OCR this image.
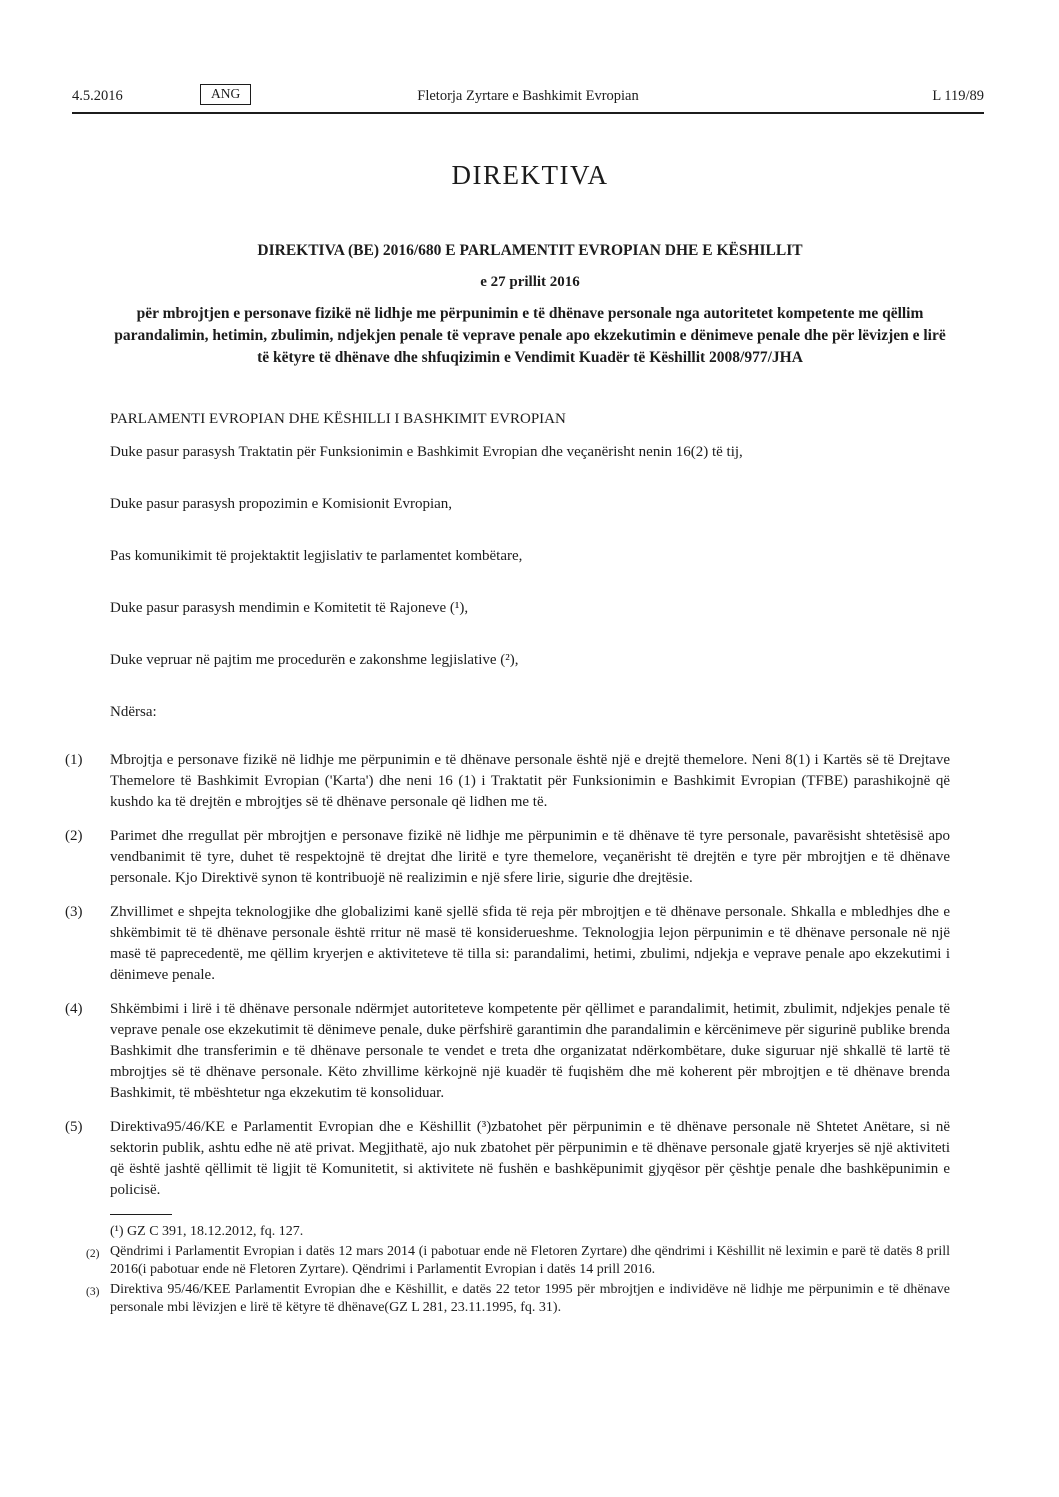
4.5.2016	ANG	Fletorja Zyrtare e Bashkimit Evropian	L 119/89
DIREKTIVA
DIREKTIVA (BE) 2016/680 E PARLAMENTIT EVROPIAN DHE E KËSHILLIT
e 27 prillit 2016
për mbrojtjen e personave fizikë në lidhje me përpunimin e të dhënave personale nga autoritetet kompetente me qëllim parandalimin, hetimin, zbulimin, ndjekjen penale të veprave penale apo ekzekutimin e dënimeve penale dhe për lëvizjen e lirë të këtyre të dhënave dhe shfuqizimin e Vendimit Kuadër të Këshillit 2008/977/JHA

PARLAMENTI EVROPIAN DHE KËSHILLI I BASHKIMIT EVROPIAN

Duke pasur parasysh Traktatin për Funksionimin e Bashkimit Evropian dhe veçanërisht nenin 16(2) të tij,

Duke pasur parasysh propozimin e Komisionit Evropian,

Pas komunikimit të projektaktit legjislativ te parlamentet kombëtare,

Duke pasur parasysh mendimin e Komitetit të Rajoneve (¹),

Duke vepruar në pajtim me procedurën e zakonshme legjislative (²),

Ndërsa:

(1) Mbrojtja e personave fizikë në lidhje me përpunimin e të dhënave personale është një e drejtë themelore. Neni 8(1) i Kartës së të Drejtave Themelore të Bashkimit Evropian ('Karta') dhe neni 16 (1) i Traktatit për Funksionimin e Bashkimit Evropian (TFBE) parashikojnë që kushdo ka të drejtën e mbrojtjes së të dhënave personale që lidhen me të.

(2) Parimet dhe rregullat për mbrojtjen e personave fizikë në lidhje me përpunimin e të dhënave të tyre personale, pavarësisht shtetësisë apo vendbanimit të tyre, duhet të respektojnë të drejtat dhe liritë e tyre themelore, veçanërisht të drejtën e tyre për mbrojtjen e të dhënave personale. Kjo Direktivë synon të kontribuojë në realizimin e një sfere lirie, sigurie dhe drejtësie.

(3) Zhvillimet e shpejta teknologjike dhe globalizimi kanë sjellë sfida të reja për mbrojtjen e të dhënave personale. Shkalla e mbledhjes dhe e shkëmbimit të të dhënave personale është rritur në masë të konsiderueshme. Teknologjia lejon përpunimin e të dhënave personale në një masë të paprecedentë, me qëllim kryerjen e aktiviteteve të tilla si: parandalimi, hetimi, zbulimi, ndjekja e veprave penale apo ekzekutimi i dënimeve penale.

(4) Shkëmbimi i lirë i të dhënave personale ndërmjet autoriteteve kompetente për qëllimet e parandalimit, hetimit, zbulimit, ndjekjes penale të veprave penale ose ekzekutimit të dënimeve penale, duke përfshirë garantimin dhe parandalimin e kërcënimeve për sigurinë publike brenda Bashkimit dhe transferimin e të dhënave personale te vendet e treta dhe organizatat ndërkombëtare, duke siguruar një shkallë të lartë të mbrojtjes së të dhënave personale. Këto zhvillime kërkojnë një kuadër të fuqishëm dhe më koherent për mbrojtjen e të dhënave brenda Bashkimit, të mbështetur nga ekzekutim të konsoliduar.

(5) Direktiva95/46/KE e Parlamentit Evropian dhe e Këshillit (³)zbatohet për përpunimin e të dhënave personale në Shtetet Anëtare, si në sektorin publik, ashtu edhe në atë privat. Megjithatë, ajo nuk zbatohet për përpunimin e të dhënave personale gjatë kryerjes së një aktiviteti që është jashtë qëllimit të ligjit të Komunitetit, si aktivitete në fushën e bashkëpunimit gjyqësor për çështje penale dhe bashkëpunimin e policisë.

(¹) GZ C 391, 18.12.2012, fq. 127.
(2) Qëndrimi i Parlamentit Evropian i datës 12 mars 2014 (i pabotuar ende në Fletoren Zyrtare) dhe qëndrimi i Këshillit në leximin e parë të datës 8 prill 2016(i pabotuar ende në Fletoren Zyrtare). Qëndrimi i Parlamentit Evropian i datës 14 prill 2016.
(3) Direktiva 95/46/KEE Parlamentit Evropian dhe e Këshillit, e datës 22 tetor 1995 për mbrojtjen e individëve në lidhje me përpunimin e të dhënave personale mbi lëvizjen e lirë të këtyre të dhënave(GZ L 281, 23.11.1995, fq. 31).
